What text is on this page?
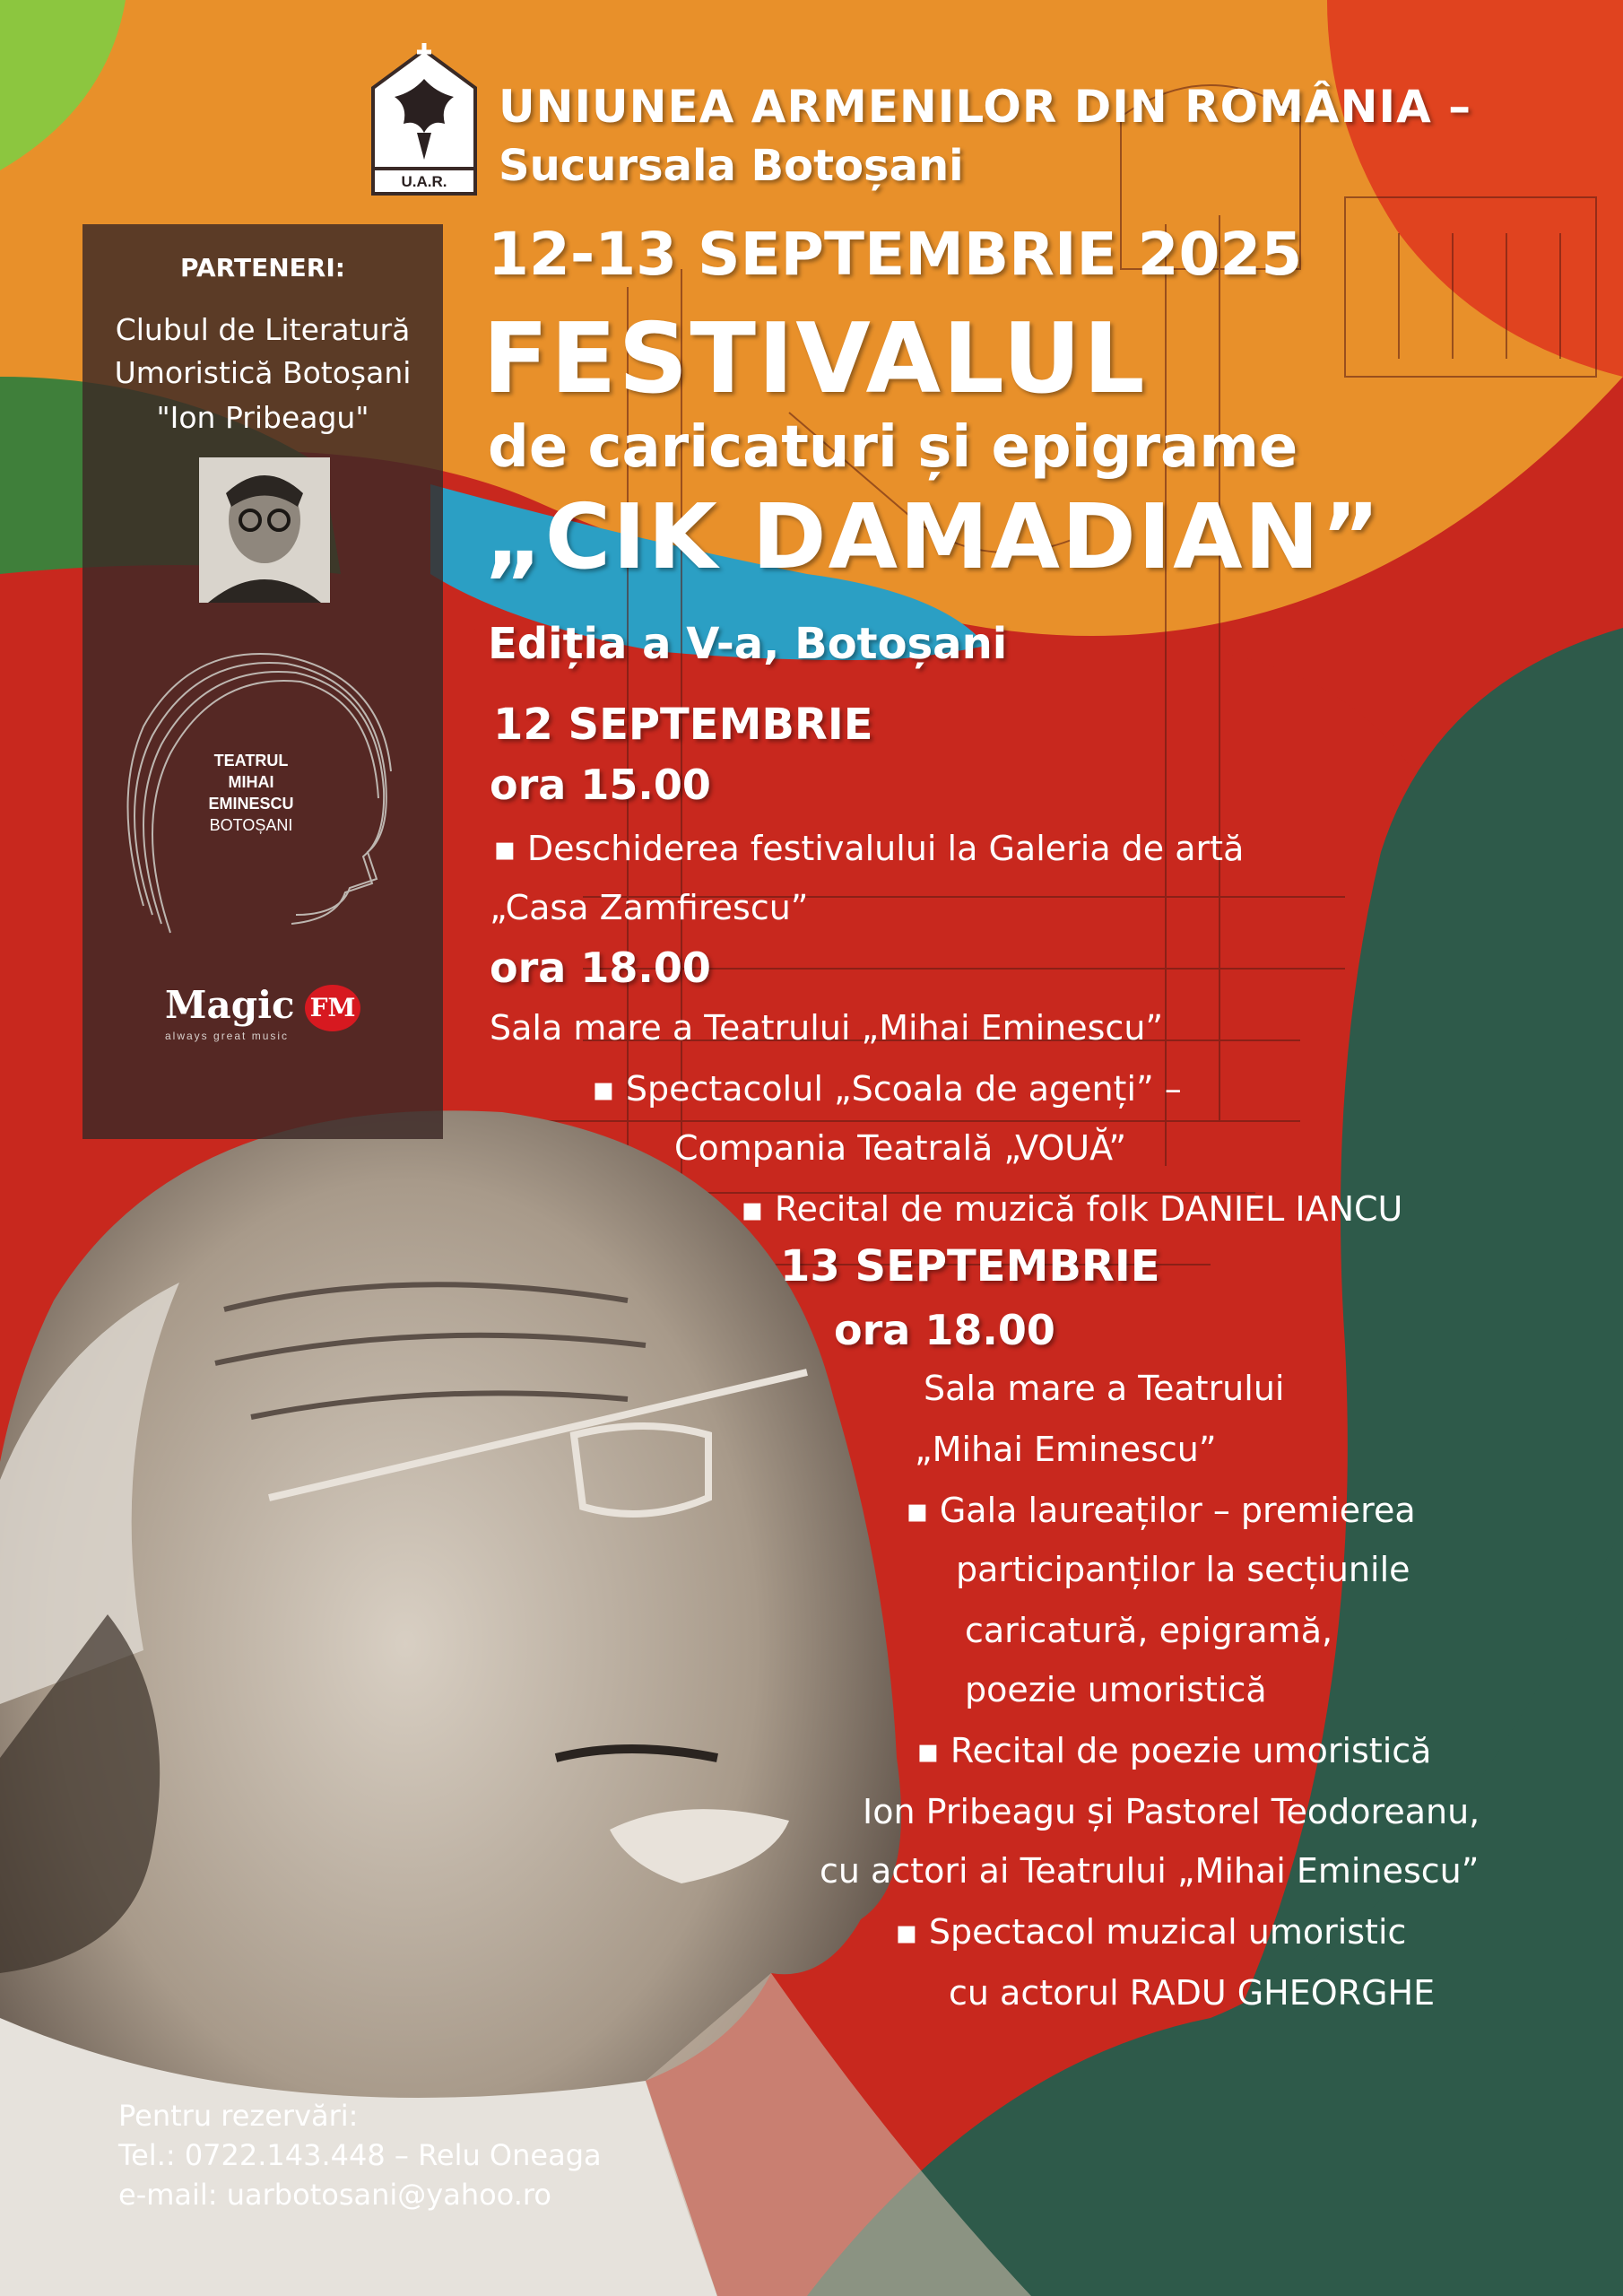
PARTENERI:
Clubul de Literatură
Umoristică Botoșani
"Ion Pribeagu"
TEATRUL
MIHAI
EMINESCU
BOTOȘANI
Magic FM
always great music
U.A.R.
UNIUNEA ARMENILOR DIN ROMÂNIA –
Sucursala Botoșani
12-13 SEPTEMBRIE 2025
FESTIVALUL
de caricaturi și epigrame
„CIK DAMADIAN”
Ediția a V-a, Botoșani
12 SEPTEMBRIE
ora 15.00
▪ Deschiderea festivalului la Galeria de artă
„Casa Zamfirescu”
ora 18.00
Sala mare a Teatrului „Mihai Eminescu”
▪ Spectacolul „Scoala de agenți” –
Compania Teatrală „VOUĂ”
▪ Recital de muzică folk DANIEL IANCU
13 SEPTEMBRIE
ora 18.00
Sala mare a Teatrului
„Mihai Eminescu”
▪ Gala laureaților – premierea
participanților la secțiunile
caricatură, epigramă,
poezie umoristică
▪ Recital de poezie umoristică
Ion Pribeagu și Pastorel Teodoreanu,
cu actori ai Teatrului „Mihai Eminescu”
▪ Spectacol muzical umoristic
cu actorul RADU GHEORGHE
Pentru rezervări:
Tel.: 0722.143.448 – Relu Oneaga
e-mail: uarbotosani@yahoo.ro
